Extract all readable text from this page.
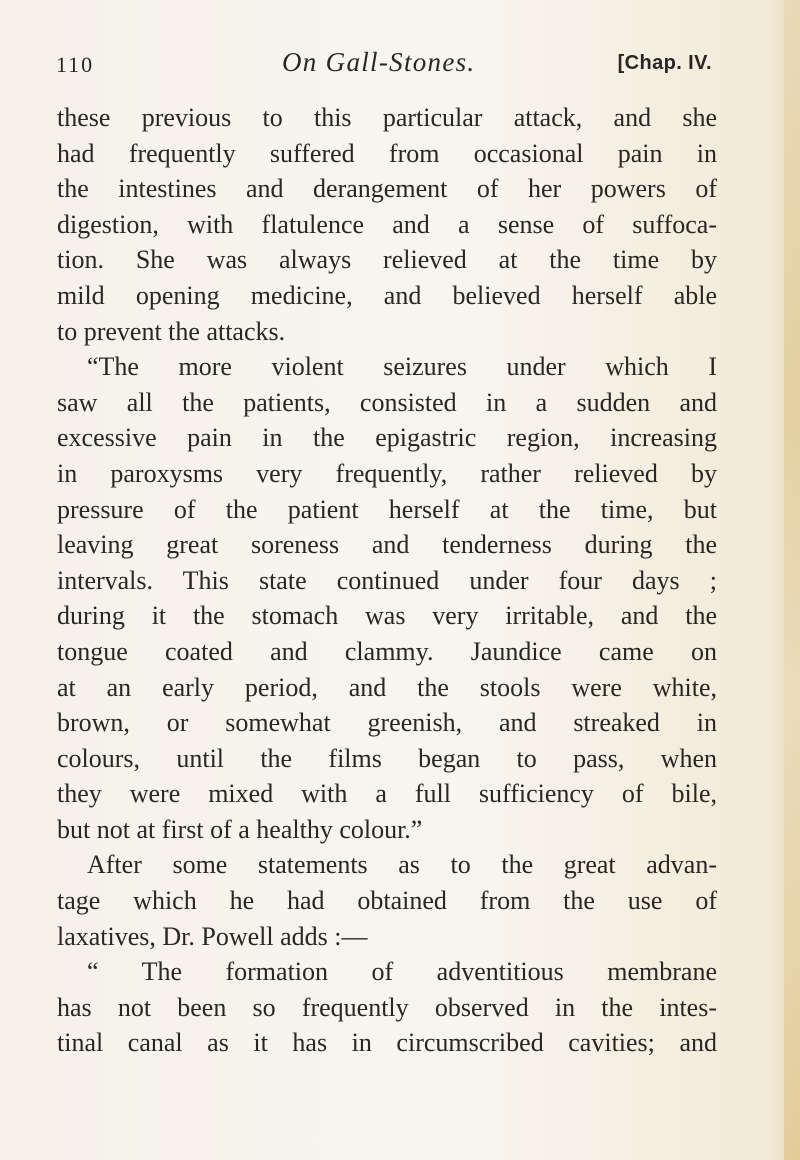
110	On Gall-Stones.	[Chap. IV.
these previous to this particular attack, and she
had frequently suffered from occasional pain in
the intestines and derangement of her powers of
digestion, with flatulence and a sense of suffoca-
tion. She was always relieved at the time by
mild opening medicine, and believed herself able
to prevent the attacks.
“The more violent seizures under which I
saw all the patients, consisted in a sudden and
excessive pain in the epigastric region, increasing
in paroxysms very frequently, rather relieved by
pressure of the patient herself at the time, but
leaving great soreness and tenderness during the
intervals. This state continued under four days ;
during it the stomach was very irritable, and the
tongue coated and clammy. Jaundice came on
at an early period, and the stools were white,
brown, or somewhat greenish, and streaked in
colours, until the films began to pass, when
they were mixed with a full sufficiency of bile,
but not at first of a healthy colour.”
After some statements as to the great advan-
tage which he had obtained from the use of
laxatives, Dr. Powell adds :—
“ The formation of adventitious membrane
has not been so frequently observed in the intes-
tinal canal as it has in circumscribed cavities; and
